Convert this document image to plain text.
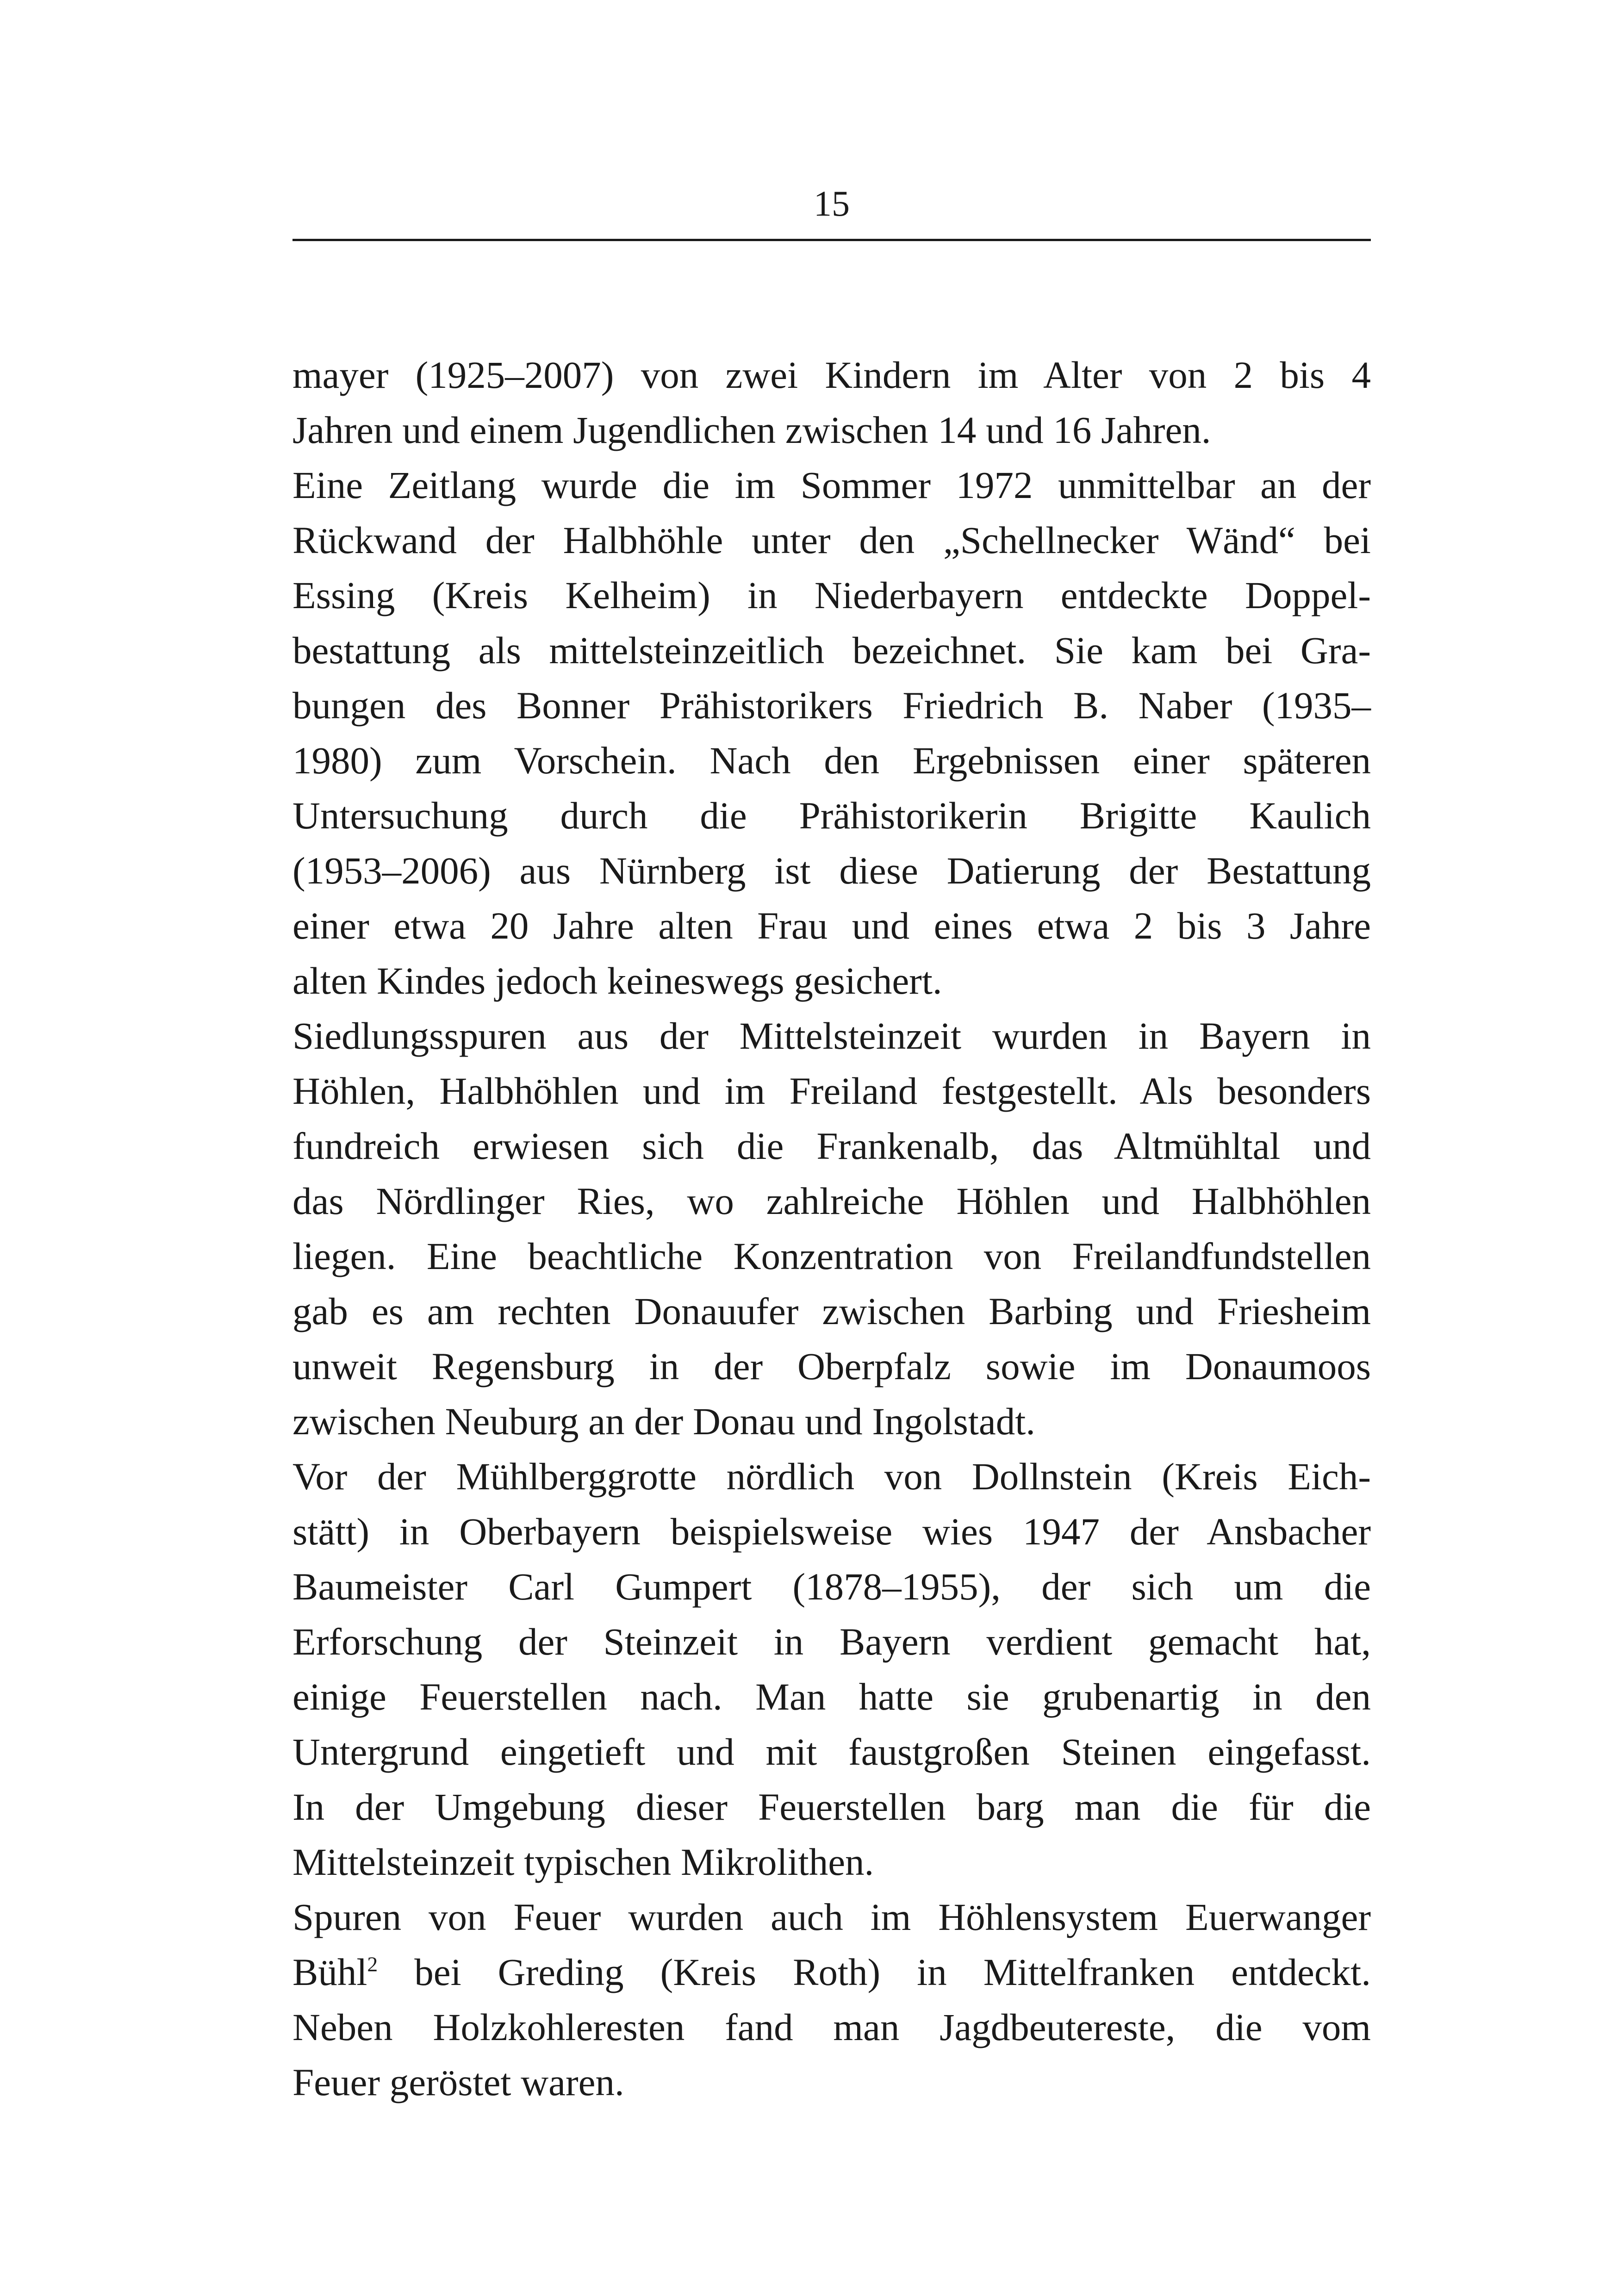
15

mayer (1925–2007) von zwei Kindern im Alter von 2 bis 4
Jahren und einem Jugendlichen zwischen 14 und 16 Jahren.

Eine Zeitlang wurde die im Sommer 1972 unmittelbar an der
Rückwand der Halbhöhle unter den „Schellnecker Wänd“ bei
Essing (Kreis Kelheim) in Niederbayern entdeckte Doppel-
bestattung als mittelsteinzeitlich bezeichnet. Sie kam bei Gra-
bungen des Bonner Prähistorikers Friedrich B. Naber (1935–
1980) zum Vorschein. Nach den Ergebnissen einer späteren
Untersuchung durch die Prähistorikerin Brigitte Kaulich
(1953–2006) aus Nürnberg ist diese Datierung der Bestattung
einer etwa 20 Jahre alten Frau und eines etwa 2 bis 3 Jahre
alten Kindes jedoch keineswegs gesichert.

Siedlungsspuren aus der Mittelsteinzeit wurden in Bayern in
Höhlen, Halbhöhlen und im Freiland festgestellt. Als besonders
fundreich erwiesen sich die Frankenalb, das Altmühltal und
das Nördlinger Ries, wo zahlreiche Höhlen und Halbhöhlen
liegen. Eine beachtliche Konzentration von Freilandfundstellen
gab es am rechten Donauufer zwischen Barbing und Friesheim
unweit Regensburg in der Oberpfalz sowie im Donaumoos
zwischen Neuburg an der Donau und Ingolstadt.

Vor der Mühlberggrotte nördlich von Dollnstein (Kreis Eich-
stätt) in Oberbayern beispielsweise wies 1947 der Ansbacher
Baumeister Carl Gumpert (1878–1955), der sich um die
Erforschung der Steinzeit in Bayern verdient gemacht hat,
einige Feuerstellen nach. Man hatte sie grubenartig in den
Untergrund eingetieft und mit faustgroßen Steinen eingefasst.
In der Umgebung dieser Feuerstellen barg man die für die
Mittelsteinzeit typischen Mikrolithen.

Spuren von Feuer wurden auch im Höhlensystem Euerwanger
Bühl$^2$ bei Greding (Kreis Roth) in Mittelfranken entdeckt.
Neben Holzkohleresten fand man Jagdbeutereste, die vom
Feuer geröstet waren.
